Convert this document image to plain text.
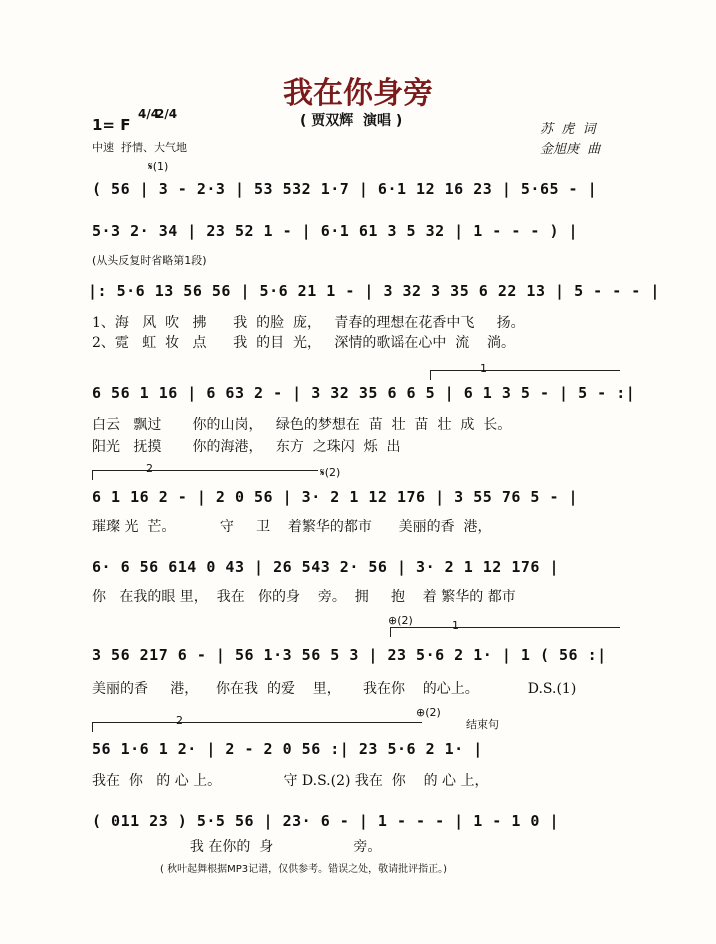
我在你身旁
1= F
4/4
2/4
中速  抒情、大气地
( 贾双辉  演唱 )
苏  虎  词
金旭庚  曲
𝄋(1)
(从头反复时省略第1段)
𝄋(2)
⊕(2)
⊕(2)
结束句
1
2
1
2
( 56 | 3 - 2·3 | 53 532 1·7 | 6·1 12 16 23 | 5·65 - |
5·3 2· 34 | 23 52 1 - | 6·1 61 3 5 32 | 1 - - - ) |
|: 5·6 13 56 56 | 5·6 21 1 - | 3 32 3 35 6 22 13 | 5 - - - |
1、海   风  吹   拂      我  的脸  庞，   青春的理想在花香中飞     扬。
2、霓   虹  妆   点      我  的目  光，   深情的歌谣在心中  流    淌。
6 56 1 16 | 6 63 2 - | 3 32 35 6 6 5 | 6 1 3 5 - | 5 - :|
白云   飘过       你的山岗，   绿色的梦想在  苗  壮  苗  壮  成  长。
阳光   抚摸       你的海港，   东方  之珠闪  烁  出
6 1 16 2 - | 2 0 56 | 3· 2 1 12 176 | 3 55 76 5 - |
璀璨 光  芒。          守     卫    着繁华的都市      美丽的香  港，
6· 6 56 614 0 43 | 26 543 2· 56 | 3· 2 1 12 176 |
你   在我的眼 里，  我在   你的身    旁。  拥     抱    着 繁华的 都市
3 56 217 6 - | 56 1·3 56 5 3 | 23 5·6 2 1· | 1 ( 56 :|
美丽的香     港，    你在我  的爱    里，     我在你    的心上。           D.S.(1)
56 1·6 1 2· | 2 - 2 0 56 :| 23 5·6 2 1· |
我在  你   的 心 上。              守 D.S.(2) 我在  你    的 心 上，
( 011 23 ) 5·5 56 | 23· 6 - | 1 - - - | 1 - 1 0 |
我 在你的  身                  旁。
( 秋叶起舞根据MP3记谱，仅供参考。错误之处，敬请批评指正。)
